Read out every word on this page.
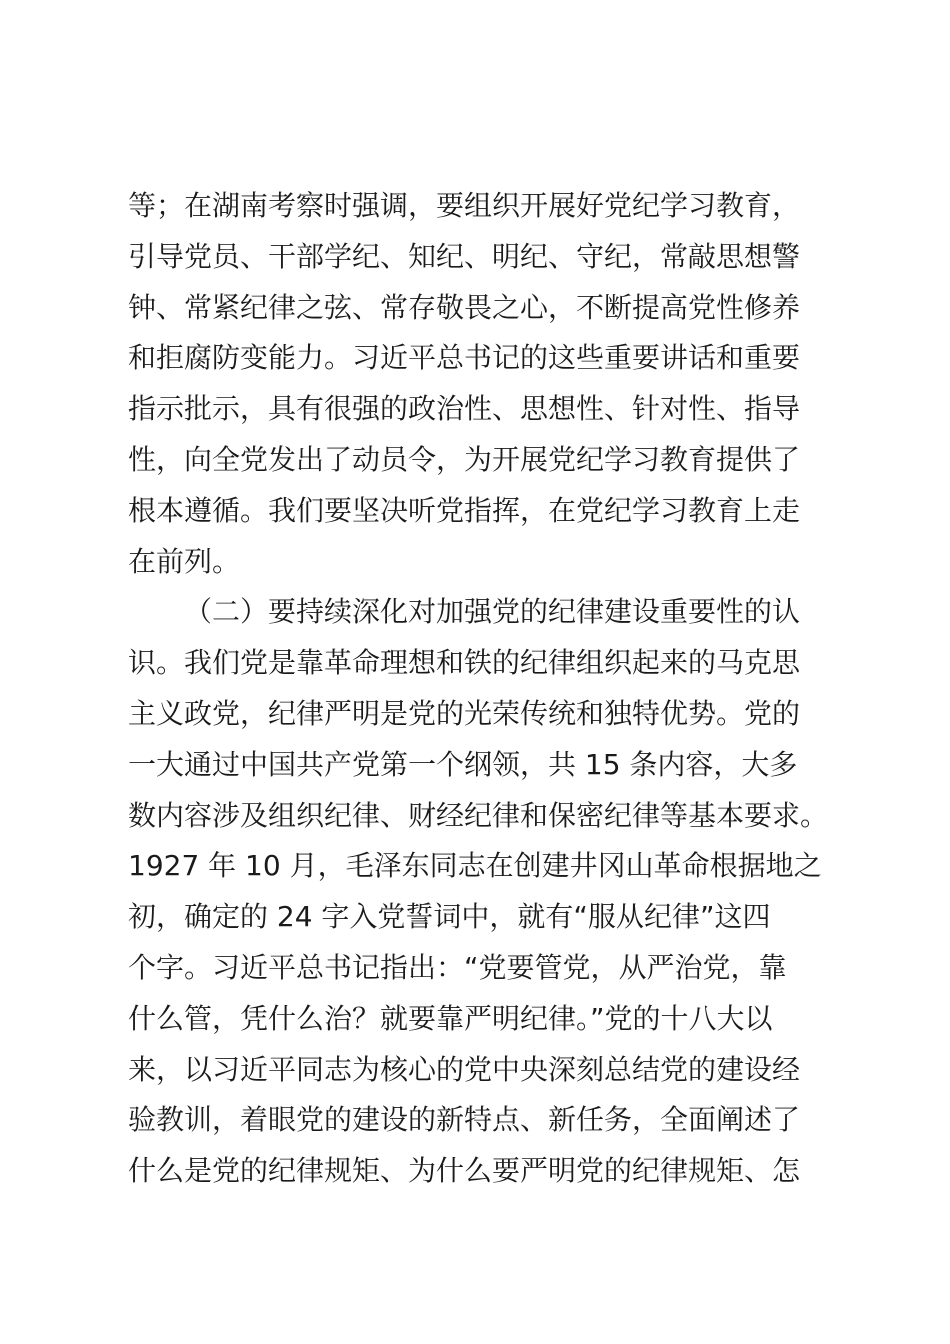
等；在湖南考察时强调，要组织开展好党纪学习教育，
引导党员、干部学纪、知纪、明纪、守纪，常敲思想警
钟、常紧纪律之弦、常存敬畏之心，不断提高党性修养
和拒腐防变能力。习近平总书记的这些重要讲话和重要
指示批示，具有很强的政治性、思想性、针对性、指导
性，向全党发出了动员令，为开展党纪学习教育提供了
根本遵循。我们要坚决听党指挥，在党纪学习教育上走
在前列。
（二）要持续深化对加强党的纪律建设重要性的认
识。我们党是靠革命理想和铁的纪律组织起来的马克思
主义政党，纪律严明是党的光荣传统和独特优势。党的
一大通过中国共产党第一个纲领，共 15 条内容，大多
数内容涉及组织纪律、财经纪律和保密纪律等基本要求。
1927 年 10 月，毛泽东同志在创建井冈山革命根据地之
初，确定的 24 字入党誓词中，就有“服从纪律”这四
个字。习近平总书记指出：“党要管党，从严治党，靠
什么管，凭什么治？就要靠严明纪律。”党的十八大以
来，以习近平同志为核心的党中央深刻总结党的建设经
验教训，着眼党的建设的新特点、新任务，全面阐述了
什么是党的纪律规矩、为什么要严明党的纪律规矩、怎
